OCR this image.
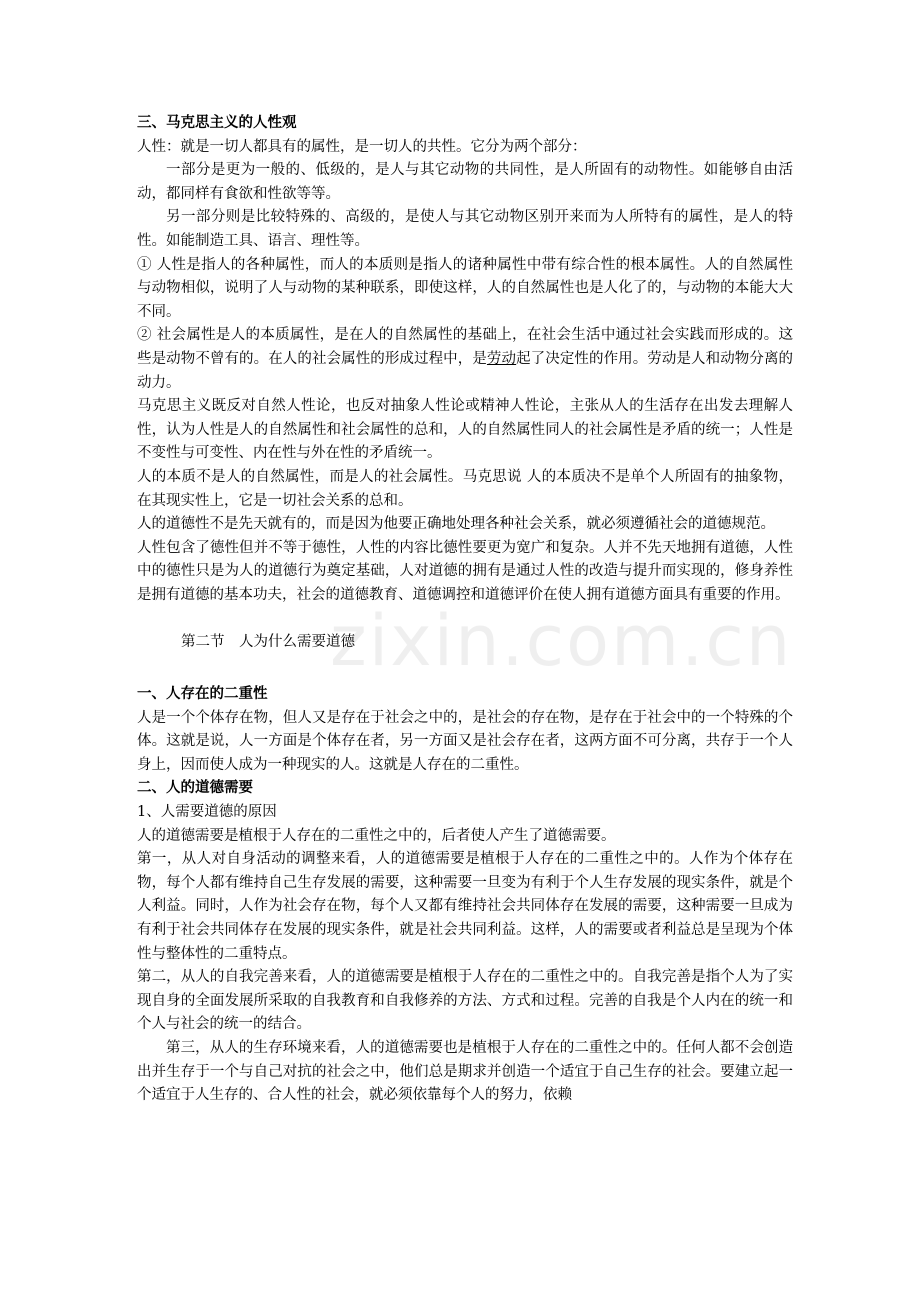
zixin.com.cn

三、马克思主义的人性观

人性：就是一切人都具有的属性，是一切人的共性。它分为两个部分：

一部分是更为一般的、低级的，是人与其它动物的共同性，是人所固有的动物性。如能够自由活动，都同样有食欲和性欲等等。

另一部分则是比较特殊的、高级的，是使人与其它动物区别开来而为人所特有的属性，是人的特性。如能制造工具、语言、理性等。

① 人性是指人的各种属性，而人的本质则是指人的诸种属性中带有综合性的根本属性。人的自然属性与动物相似，说明了人与动物的某种联系，即使这样，人的自然属性也是人化了的，与动物的本能大大不同。

② 社会属性是人的本质属性，是在人的自然属性的基础上，在社会生活中通过社会实践而形成的。这些是动物不曾有的。在人的社会属性的形成过程中，是劳动起了决定性的作用。劳动是人和动物分离的动力。

马克思主义既反对自然人性论，也反对抽象人性论或精神人性论，主张从人的生活存在出发去理解人性，认为人性是人的自然属性和社会属性的总和，人的自然属性同人的社会属性是矛盾的统一；人性是不变性与可变性、内在性与外在性的矛盾统一。

人的本质不是人的自然属性，而是人的社会属性。马克思说 人的本质决不是单个人所固有的抽象物，在其现实性上，它是一切社会关系的总和。

人的道德性不是先天就有的，而是因为他要正确地处理各种社会关系，就必须遵循社会的道德规范。

人性包含了德性但并不等于德性，人性的内容比德性要更为宽广和复杂。人并不先天地拥有道德，人性中的德性只是为人的道德行为奠定基础，人对道德的拥有是通过人性的改造与提升而实现的，修身养性是拥有道德的基本功夫，社会的道德教育、道德调控和道德评价在使人拥有道德方面具有重要的作用。

第二节　人为什么需要道德

一、人存在的二重性

人是一个个体存在物，但人又是存在于社会之中的，是社会的存在物，是存在于社会中的一个特殊的个体。这就是说，人一方面是个体存在者，另一方面又是社会存在者，这两方面不可分离，共存于一个人身上，因而使人成为一种现实的人。这就是人存在的二重性。

二、人的道德需要

1、人需要道德的原因

人的道德需要是植根于人存在的二重性之中的，后者使人产生了道德需要。

第一，从人对自身活动的调整来看，人的道德需要是植根于人存在的二重性之中的。人作为个体存在物，每个人都有维持自己生存发展的需要，这种需要一旦变为有利于个人生存发展的现实条件，就是个人利益。同时，人作为社会存在物，每个人又都有维持社会共同体存在发展的需要，这种需要一旦成为有利于社会共同体存在发展的现实条件，就是社会共同利益。这样，人的需要或者利益总是呈现为个体性与整体性的二重特点。

第二，从人的自我完善来看，人的道德需要是植根于人存在的二重性之中的。自我完善是指个人为了实现自身的全面发展所采取的自我教育和自我修养的方法、方式和过程。完善的自我是个人内在的统一和个人与社会的统一的结合。

第三，从人的生存环境来看，人的道德需要也是植根于人存在的二重性之中的。任何人都不会创造出并生存于一个与自己对抗的社会之中，他们总是期求并创造一个适宜于自己生存的社会。要建立起一个适宜于人生存的、合人性的社会，就必须依靠每个人的努力，依赖
